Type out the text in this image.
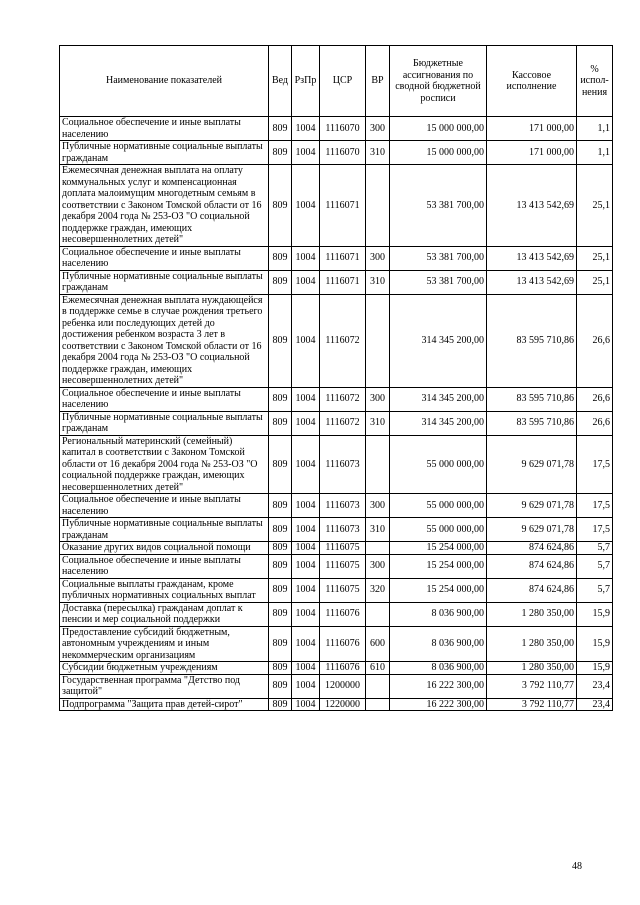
Наименование показателей	Вед	РзПр	ЦСР	ВР	Бюджетные ассигнования по сводной бюджетной росписи	Кассовое исполнение	% испол-нения
Социальное обеспечение и иные выплаты населению	809	1004	1116070	300	15 000 000,00	171 000,00	1,1
Публичные нормативные социальные выплаты гражданам	809	1004	1116070	310	15 000 000,00	171 000,00	1,1
Ежемесячная денежная выплата на оплату коммунальных услуг и компенсационная доплата малоимущим многодетным семьям в соответствии с Законом Томской области от 16 декабря 2004 года № 253-ОЗ "О социальной поддержке граждан, имеющих несовершеннолетних детей"	809	1004	1116071		53 381 700,00	13 413 542,69	25,1
Социальное обеспечение и иные выплаты населению	809	1004	1116071	300	53 381 700,00	13 413 542,69	25,1
Публичные нормативные социальные выплаты гражданам	809	1004	1116071	310	53 381 700,00	13 413 542,69	25,1
Ежемесячная денежная выплата нуждающейся в поддержке семье в случае рождения третьего ребенка или последующих детей до достижения ребенком возраста 3 лет в соответствии с Законом Томской области от 16 декабря 2004 года № 253-ОЗ "О социальной поддержке граждан, имеющих несовершеннолетних детей"	809	1004	1116072		314 345 200,00	83 595 710,86	26,6
Социальное обеспечение и иные выплаты населению	809	1004	1116072	300	314 345 200,00	83 595 710,86	26,6
Публичные нормативные социальные выплаты гражданам	809	1004	1116072	310	314 345 200,00	83 595 710,86	26,6
Региональный материнский (семейный) капитал в соответствии с Законом Томской области от 16 декабря 2004 года № 253-ОЗ "О социальной поддержке граждан, имеющих несовершеннолетних детей"	809	1004	1116073		55 000 000,00	9 629 071,78	17,5
Социальное обеспечение и иные выплаты населению	809	1004	1116073	300	55 000 000,00	9 629 071,78	17,5
Публичные нормативные социальные выплаты гражданам	809	1004	1116073	310	55 000 000,00	9 629 071,78	17,5
Оказание других видов социальной помощи	809	1004	1116075		15 254 000,00	874 624,86	5,7
Социальное обеспечение и иные выплаты населению	809	1004	1116075	300	15 254 000,00	874 624,86	5,7
Социальные выплаты гражданам, кроме публичных нормативных социальных выплат	809	1004	1116075	320	15 254 000,00	874 624,86	5,7
Доставка (пересылка) гражданам доплат к пенсии и мер социальной поддержки	809	1004	1116076		8 036 900,00	1 280 350,00	15,9
Предоставление субсидий бюджетным, автономным учреждениям и иным некоммерческим организациям	809	1004	1116076	600	8 036 900,00	1 280 350,00	15,9
Субсидии бюджетным учреждениям	809	1004	1116076	610	8 036 900,00	1 280 350,00	15,9
Государственная программа "Детство под защитой"	809	1004	1200000		16 222 300,00	3 792 110,77	23,4
Подпрограмма "Защита прав детей-сирот"	809	1004	1220000		16 222 300,00	3 792 110,77	23,4
48
